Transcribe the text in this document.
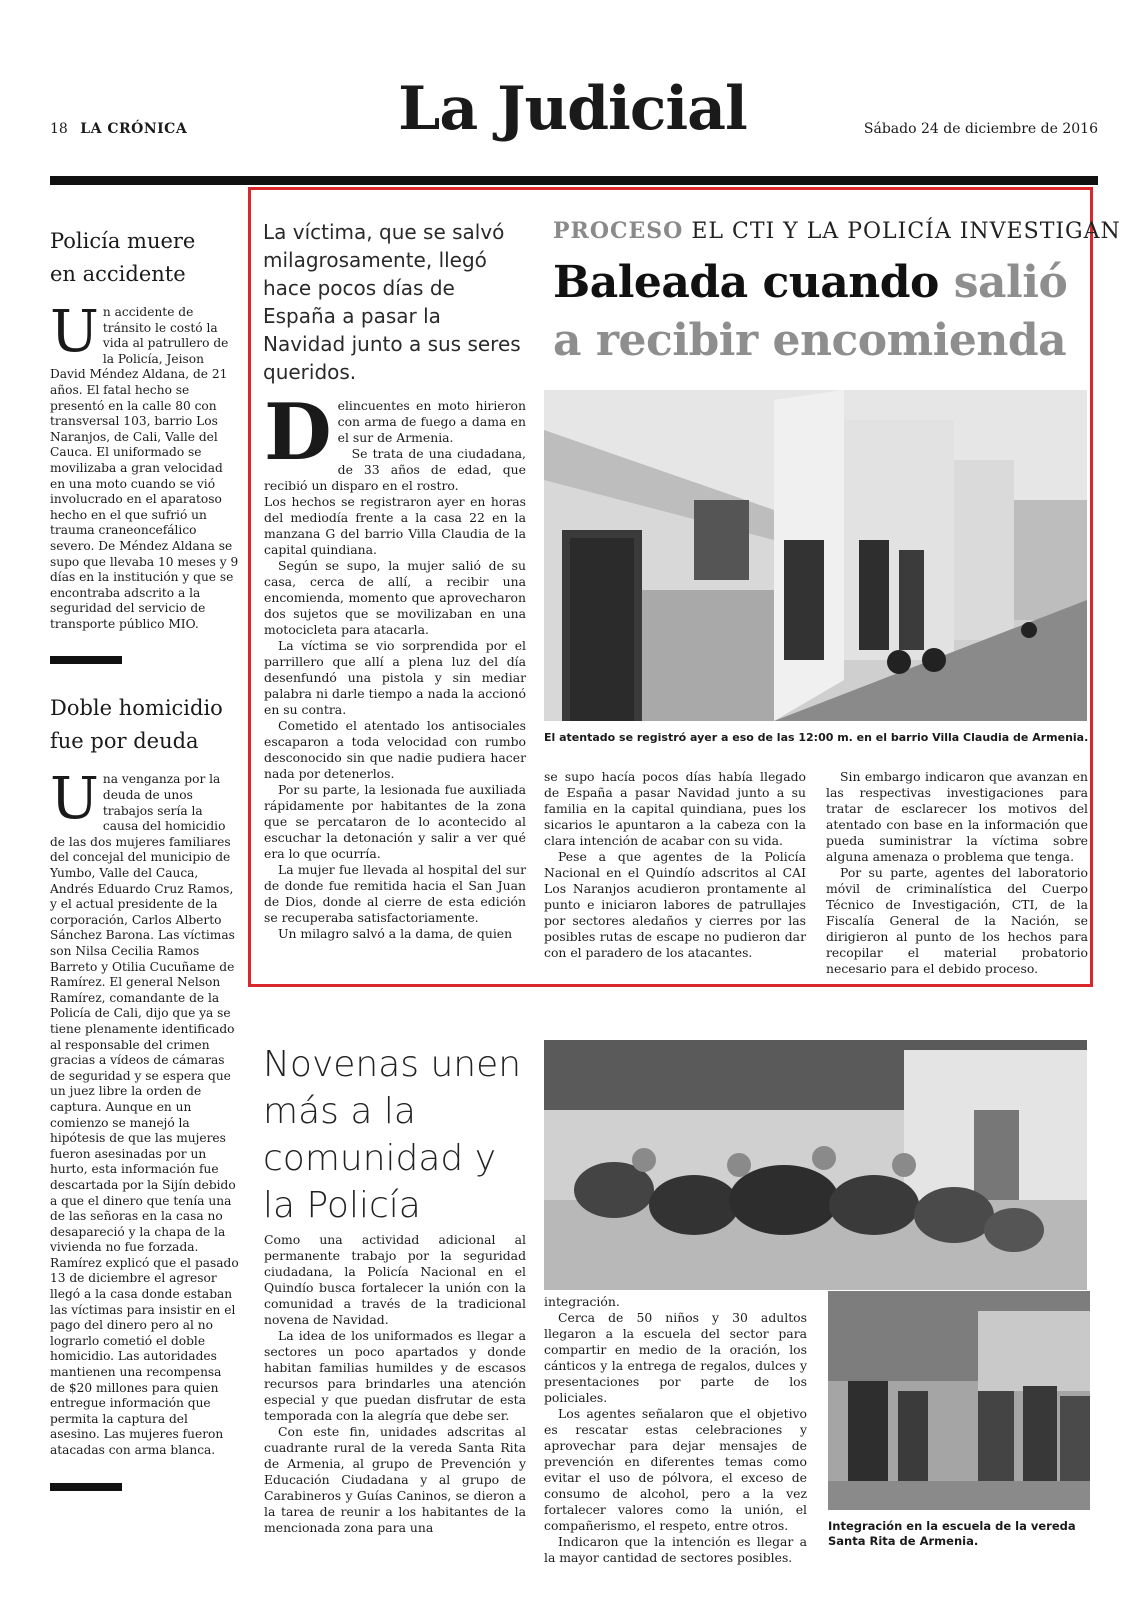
18 LA CRÓNICA	La Judicial	Sábado 24 de diciembre de 2016
Policía muere
en accidente
U n accidente de tránsito le costó la vida al patrullero de la Policía, Jeison David Méndez Aldana, de 21 años. El fatal hecho se presentó en la calle 80 con transversal 103, barrio Los Naranjos, de Cali, Valle del Cauca. El uniformado se movilizaba a gran velocidad en una moto cuando se vió involucrado en el aparatoso hecho en el que sufrió un trauma craneoncefálico severo. De Méndez Aldana se supo que llevaba 10 meses y 9 días en la institución y que se encontraba adscrito a la seguridad del servicio de transporte público MIO.
Doble homicidio
fue por deuda
U na venganza por la deuda de unos trabajos sería la causa del homicidio de las dos mujeres familiares del concejal del municipio de Yumbo, Valle del Cauca, Andrés Eduardo Cruz Ramos, y el actual presidente de la corporación, Carlos Alberto Sánchez Barona. Las víctimas son Nilsa Cecilia Ramos Barreto y Otilia Cucuñame de Ramírez. El general Nelson Ramírez, comandante de la Policía de Cali, dijo que ya se tiene plenamente identificado al responsable del crimen gracias a vídeos de cámaras de seguridad y se espera que un juez libre la orden de captura. Aunque en un comienzo se manejó la hipótesis de que las mujeres fueron asesinadas por un hurto, esta información fue descartada por la Sijín debido a que el dinero que tenía una de las señoras en la casa no desapareció y la chapa de la vivienda no fue forzada. Ramírez explicó que el pasado 13 de diciembre el agresor llegó a la casa donde estaban las víctimas para insistir en el pago del dinero pero al no lograrlo cometió el doble homicidio. Las autoridades mantienen una recompensa de $20 millones para quien entregue información que permita la captura del asesino. Las mujeres fueron atacadas con arma blanca.
La víctima, que se salvó milagrosamente, llegó hace pocos días de España a pasar la Navidad junto a sus seres queridos.
PROCESO EL CTI Y LA POLICÍA INVESTIGAN
Baleada cuando salió
a recibir encomienda
El atentado se registró ayer a eso de las 12:00 m. en el barrio Villa Claudia de Armenia.

D elincuentes en moto hirieron con arma de fuego a dama en el sur de Armenia.

Se trata de una ciudadana, de 33 años de edad, que recibió un disparo en el rostro.

Los hechos se registraron ayer en horas del mediodía frente a la casa 22 en la manzana G del barrio Villa Claudia de la capital quindiana.

Según se supo, la mujer salió de su casa, cerca de allí, a recibir una encomienda, momento que aprovecharon dos sujetos que se movilizaban en una motocicleta para atacarla.

La víctima se vio sorprendida por el parrillero que allí a plena luz del día desenfundó una pistola y sin mediar palabra ni darle tiempo a nada la accionó en su contra.

Cometido el atentado los antisociales escaparon a toda velocidad con rumbo desconocido sin que nadie pudiera hacer nada por detenerlos.

Por su parte, la lesionada fue auxiliada rápidamente por habitantes de la zona que se percataron de lo acontecido al escuchar la detonación y salir a ver qué era lo que ocurría.

La mujer fue llevada al hospital del sur de donde fue remitida hacia el San Juan de Dios, donde al cierre de esta edición se recuperaba satisfactoriamente.

Un milagro salvó a la dama, de quien

se supo hacía pocos días había llegado de España a pasar Navidad junto a su familia en la capital quindiana, pues los sicarios le apuntaron a la cabeza con la clara intención de acabar con su vida.

Pese a que agentes de la Policía Nacional en el Quindío adscritos al CAI Los Naranjos acudieron prontamente al punto e iniciaron labores de patrullajes por sectores aledaños y cierres por las posibles rutas de escape no pudieron dar con el paradero de los atacantes.

Sin embargo indicaron que avanzan en las respectivas investigaciones para tratar de esclarecer los motivos del atentado con base en la información que pueda suministrar la víctima sobre alguna amenaza o problema que tenga.

Por su parte, agentes del laboratorio móvil de criminalística del Cuerpo Técnico de Investigación, CTI, de la Fiscalía General de la Nación, se dirigieron al punto de los hechos para recopilar el material probatorio necesario para el debido proceso.

Novenas unen más a la comunidad y la Policía

Como una actividad adicional al permanente trabajo por la seguridad ciudadana, la Policía Nacional en el Quindío busca fortalecer la unión con la comunidad a través de la tradicional novena de Navidad.

La idea de los uniformados es llegar a sectores un poco apartados y donde habitan familias humildes y de escasos recursos para brindarles una atención especial y que puedan disfrutar de esta temporada con la alegría que debe ser.

Con este fin, unidades adscritas al cuadrante rural de la vereda Santa Rita de Armenia, al grupo de Prevención y Educación Ciudadana y al grupo de Carabineros y Guías Caninos, se dieron a la tarea de reunir a los habitantes de la mencionada zona para una

integración.

Cerca de 50 niños y 30 adultos llegaron a la escuela del sector para compartir en medio de la oración, los cánticos y la entrega de regalos, dulces y presentaciones por parte de los policiales.

Los agentes señalaron que el objetivo es rescatar estas celebraciones y aprovechar para dejar mensajes de prevención en diferentes temas como evitar el uso de pólvora, el exceso de consumo de alcohol, pero a la vez fortalecer valores como la unión, el compañerismo, el respeto, entre otros.

Indicaron que la intención es llegar a la mayor cantidad de sectores posibles.

Integración en la escuela de la vereda Santa Rita de Armenia.
